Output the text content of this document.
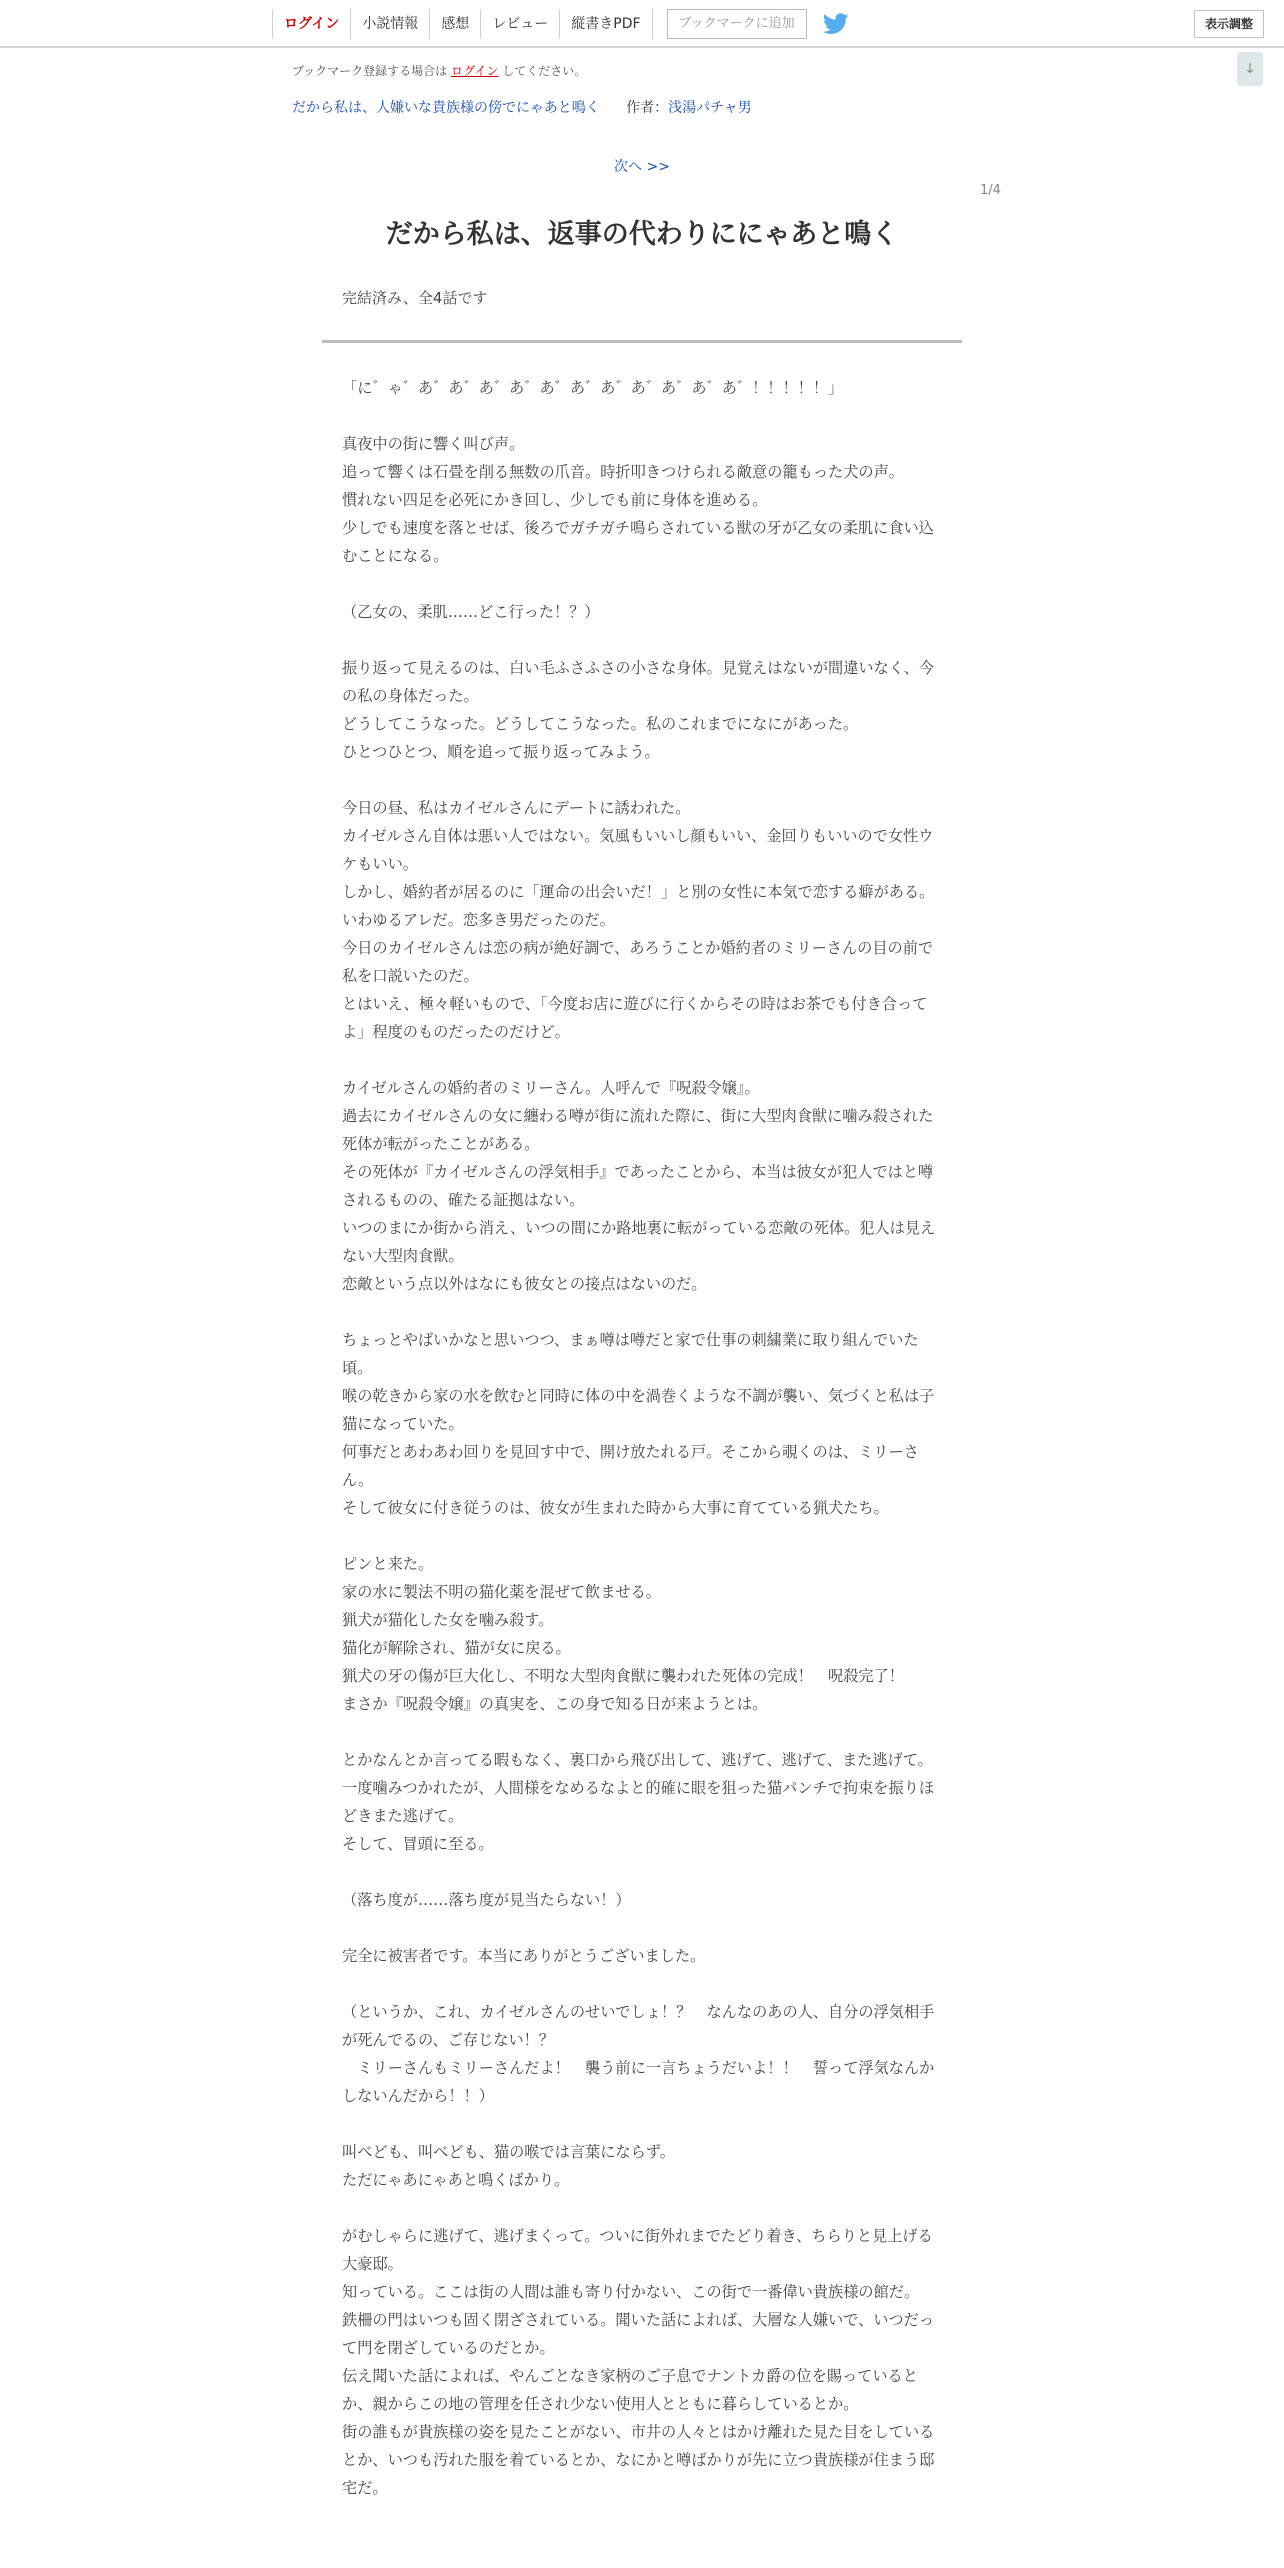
ログイン	小説情報	感想	レビュー	縦書きPDF	ブックマークに追加	表示調整
↓
ブックマーク登録する場合は ログイン してください。
だから私は、人嫌いな貴族様の傍でにゃあと鳴く 作者：浅湯パチャ男
次へ >>
1/4
だから私は、返事の代わりににゃあと鳴く
完結済み、全4話です

「に゛ゃ゛あ゛あ゛あ゛あ゛あ゛あ゛あ゛あ゛あ゛あ゛あ゛！！！！！」

真夜中の街に響く叫び声。

追って響くは石畳を削る無数の爪音。時折叩きつけられる敵意の籠もった犬の声。

慣れない四足を必死にかき回し、少しでも前に身体を進める。

少しでも速度を落とせば、後ろでガチガチ鳴らされている獣の牙が乙女の柔肌に食い込むことになる。

（乙女の、柔肌……どこ行った！？）

振り返って見えるのは、白い毛ふさふさの小さな身体。見覚えはないが間違いなく、今の私の身体だった。

どうしてこうなった。どうしてこうなった。私のこれまでになにがあった。

ひとつひとつ、順を追って振り返ってみよう。

今日の昼、私はカイゼルさんにデートに誘われた。

カイゼルさん自体は悪い人ではない。気風もいいし顔もいい、金回りもいいので女性ウケもいい。

しかし、婚約者が居るのに「運命の出会いだ！」と別の女性に本気で恋する癖がある。いわゆるアレだ。恋多き男だったのだ。

今日のカイゼルさんは恋の病が絶好調で、あろうことか婚約者のミリーさんの目の前で私を口説いたのだ。

とはいえ、極々軽いもので、「今度お店に遊びに行くからその時はお茶でも付き合ってよ」程度のものだったのだけど。

カイゼルさんの婚約者のミリーさん。人呼んで『呪殺令嬢』。

過去にカイゼルさんの女に纏わる噂が街に流れた際に、街に大型肉食獣に噛み殺された死体が転がったことがある。

その死体が『カイゼルさんの浮気相手』であったことから、本当は彼女が犯人ではと噂されるものの、確たる証拠はない。

いつのまにか街から消え、いつの間にか路地裏に転がっている恋敵の死体。犯人は見えない大型肉食獣。

恋敵という点以外はなにも彼女との接点はないのだ。

ちょっとやばいかなと思いつつ、まぁ噂は噂だと家で仕事の刺繍業に取り組んでいた頃。

喉の乾きから家の水を飲むと同時に体の中を渦巻くような不調が襲い、気づくと私は子猫になっていた。

何事だとあわあわ回りを見回す中で、開け放たれる戸。そこから覗くのは、ミリーさん。

そして彼女に付き従うのは、彼女が生まれた時から大事に育てている猟犬たち。

ピンと来た。

家の水に製法不明の猫化薬を混ぜて飲ませる。

猟犬が猫化した女を噛み殺す。

猫化が解除され、猫が女に戻る。

猟犬の牙の傷が巨大化し、不明な大型肉食獣に襲われた死体の完成！　呪殺完了！

まさか『呪殺令嬢』の真実を、この身で知る日が来ようとは。

とかなんとか言ってる暇もなく、裏口から飛び出して、逃げて、逃げて、また逃げて。

一度噛みつかれたが、人間様をなめるなよと的確に眼を狙った猫パンチで拘束を振りほどきまた逃げて。

そして、冒頭に至る。

（落ち度が……落ち度が見当たらない！）

完全に被害者です。本当にありがとうございました。

（というか、これ、カイゼルさんのせいでしょ！？　なんなのあの人、自分の浮気相手が死んでるの、ご存じない！？

　ミリーさんもミリーさんだよ！　襲う前に一言ちょうだいよ！！　誓って浮気なんかしないんだから！！）

叫べども、叫べども、猫の喉では言葉にならず。

ただにゃあにゃあと鳴くばかり。

がむしゃらに逃げて、逃げまくって。ついに街外れまでたどり着き、ちらりと見上げる大豪邸。

知っている。ここは街の人間は誰も寄り付かない、この街で一番偉い貴族様の館だ。

鉄柵の門はいつも固く閉ざされている。聞いた話によれば、大層な人嫌いで、いつだって門を閉ざしているのだとか。

伝え聞いた話によれば、やんごとなき家柄のご子息でナントカ爵の位を賜っているとか、親からこの地の管理を任され少ない使用人とともに暮らしているとか。

街の誰もが貴族様の姿を見たことがない、市井の人々とはかけ離れた見た目をしているとか、いつも汚れた服を着ているとか、なにかと噂ばかりが先に立つ貴族様が住まう邸宅だ。
